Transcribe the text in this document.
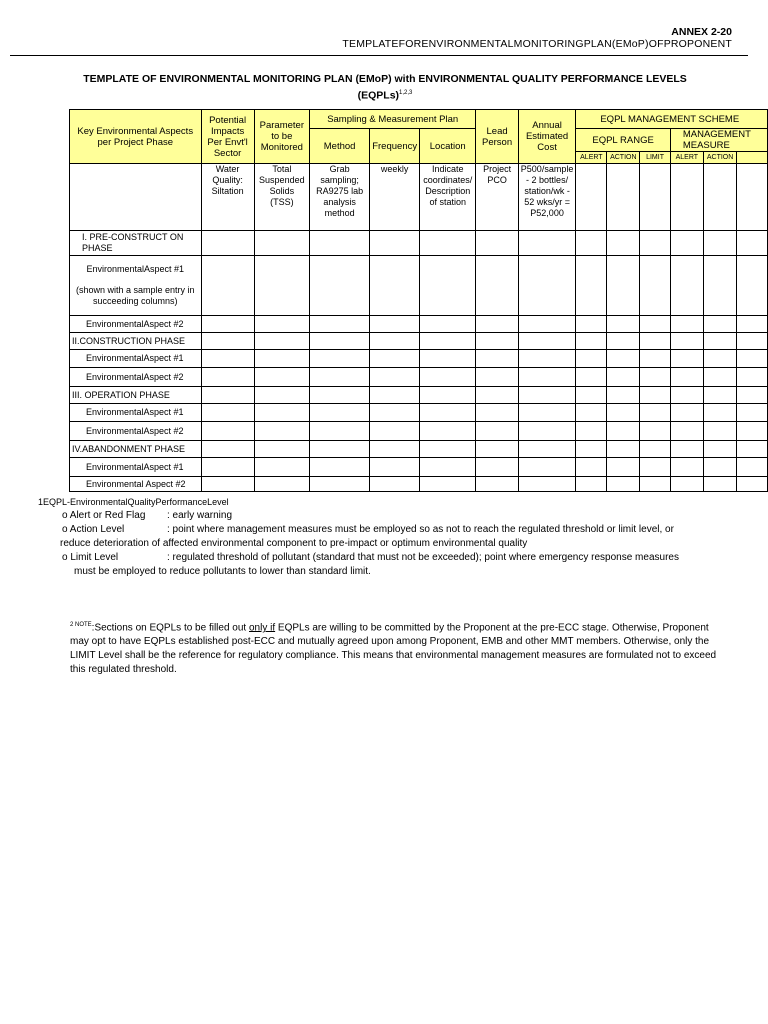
ANNEX 2-20
TEMPLATEFORENVIRONMENTALMONITORINGPLAN(EMoP)OFPROPONENT
TEMPLATE OF ENVIRONMENTAL MONITORING PLAN (EMoP) with ENVIRONMENTAL QUALITY PERFORMANCE LEVELS
(EQPLs)$^{1,2,3}$
Key Environmental Aspects per Project Phase	Potential Impacts Per Envt'l Sector	Parameter to be Monitored	Sampling & Measurement Plan			Lead Person	Annual Estimated Cost	EQPL MANAGEMENT SCHEME					
			Method	Frequency	Location			EQPL RANGE			MANAGEMENT MEASURE		
								ALERT	ACTION	LIMIT	ALERT	ACTION	
	Water Quality: Siltation	Total Suspended Solids (TSS)	Grab sampling; RA9275 lab analysis method	weekly	Indicate coordinates/ Description of station	Project PCO	P500/sample - 2 bottles/ station/wk - 52 wks/yr = P52,000						
I. PRE-CONSTRUCT ON PHASE													

EnvironmentalAspect #1
(shown with a sample entry in succeeding columns)													

EnvironmentalAspect #2													
II.CONSTRUCTION PHASE													
EnvironmentalAspect #1													
EnvironmentalAspect #2													
III. OPERATION PHASE													
EnvironmentalAspect #1													
EnvironmentalAspect #2													
IV.ABANDONMENT PHASE													
EnvironmentalAspect #1													
Environmental Aspect #2													

1EQPL-EnvironmentalQualityPerformanceLevel

o Alert or Red Flag : early warning

o Action Level	: point where management measures must be employed so as not to reach the regulated threshold or limit level, or

reduce deterioration of affected environmental component to pre-impact or optimum environmental quality

o Limit Level	: regulated threshold of pollutant (standard that must not be exceeded); point where emergency response measures

must be employed to reduce pollutants to lower than standard limit.

$^{2 NOTE}$:Sections on EQPLs to be filled out only if EQPLs are willing to be committed by the Proponent at the pre-ECC stage. Otherwise, Proponent may opt to have EQPLs established post-ECC and mutually agreed upon among Proponent, EMB and other MMT members. Otherwise, only the LIMIT Level shall be the reference for regulatory compliance. This means that environmental management measures are formulated not to exceed this regulated threshold.
